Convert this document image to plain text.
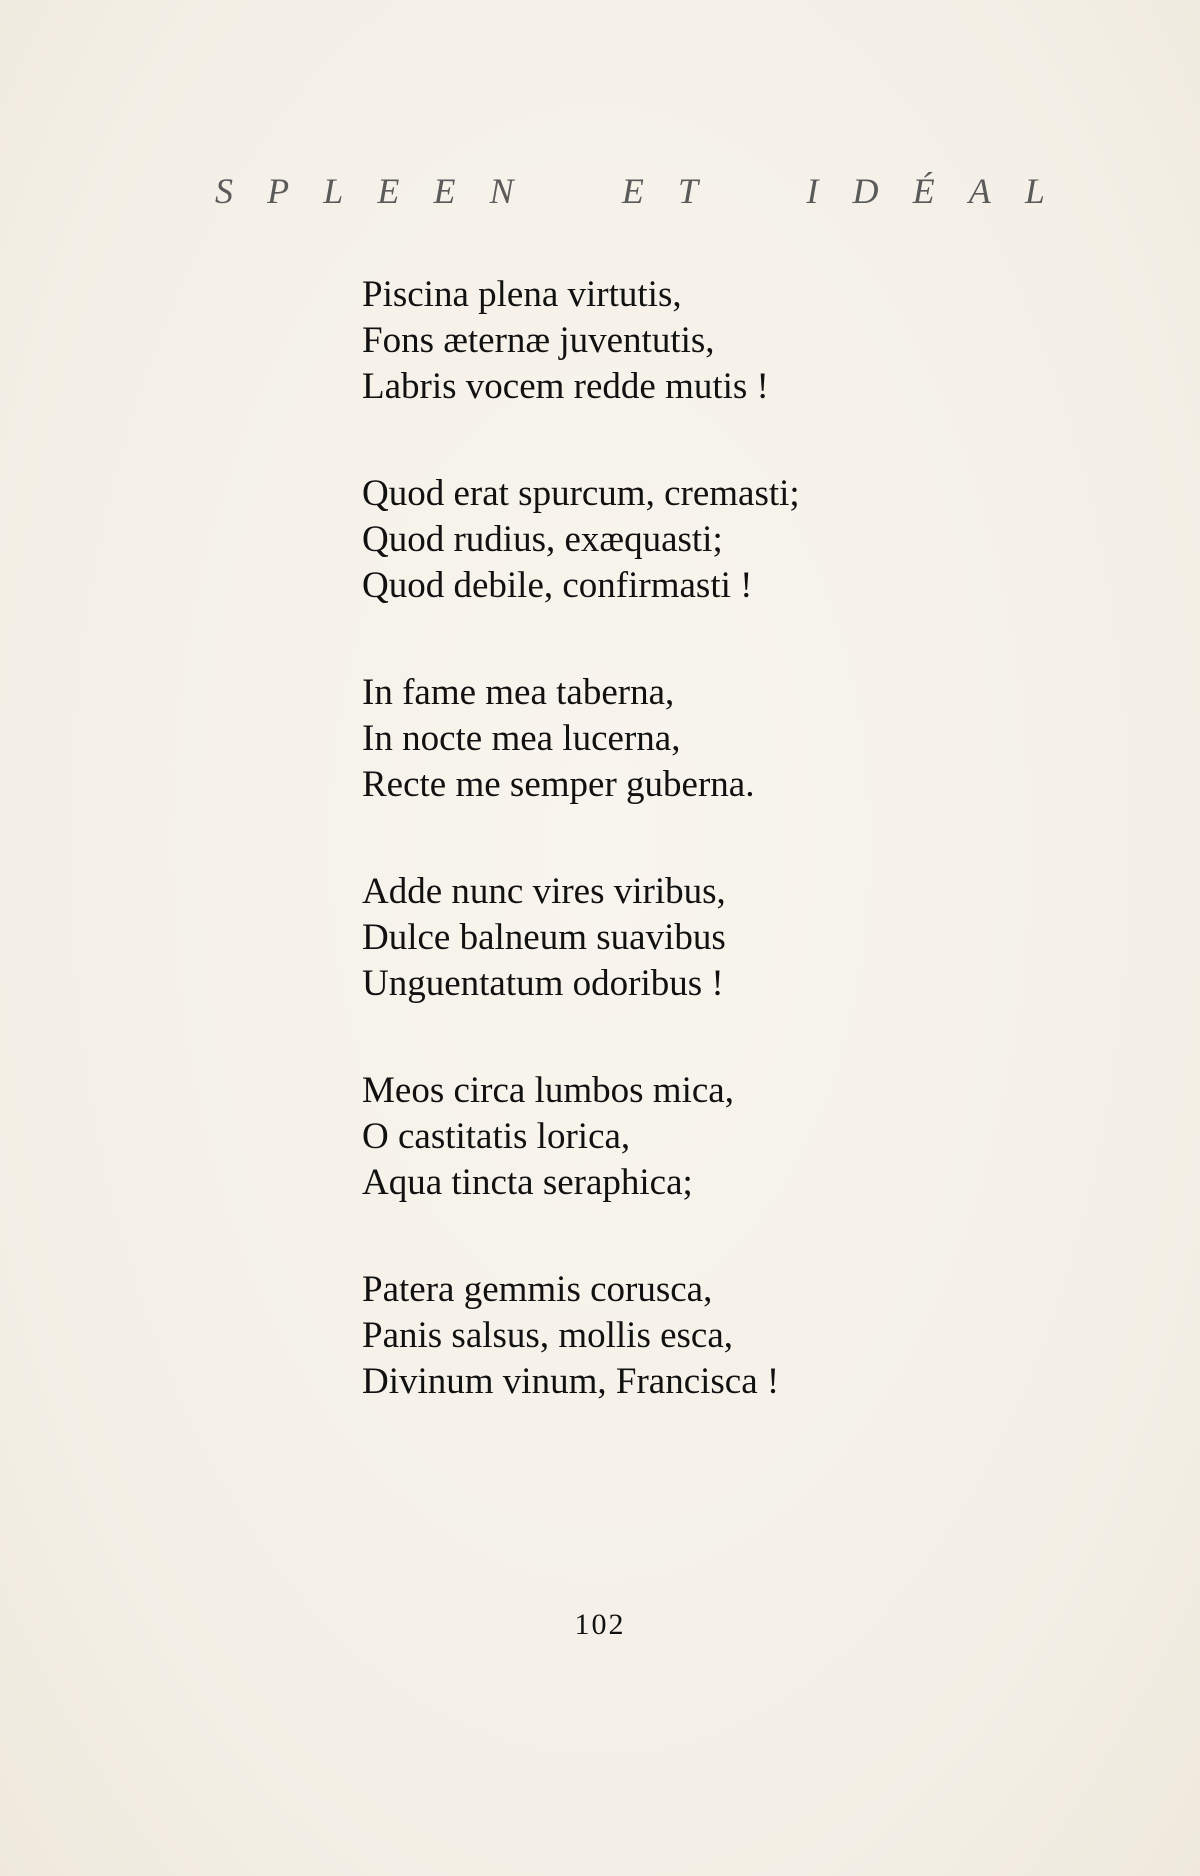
S P L E E N	E T	I D É A L
Piscina plena virtutis,
Fons æternæ juventutis,
Labris vocem redde mutis !
Quod erat spurcum, cremasti;
Quod rudius, exæquasti;
Quod debile, confirmasti !
In fame mea taberna,
In nocte mea lucerna,
Recte me semper guberna.
Adde nunc vires viribus,
Dulce balneum suavibus
Unguentatum odoribus !
Meos circa lumbos mica,
O castitatis lorica,
Aqua tincta seraphica;
Patera gemmis corusca,
Panis salsus, mollis esca,
Divinum vinum, Francisca !
102
